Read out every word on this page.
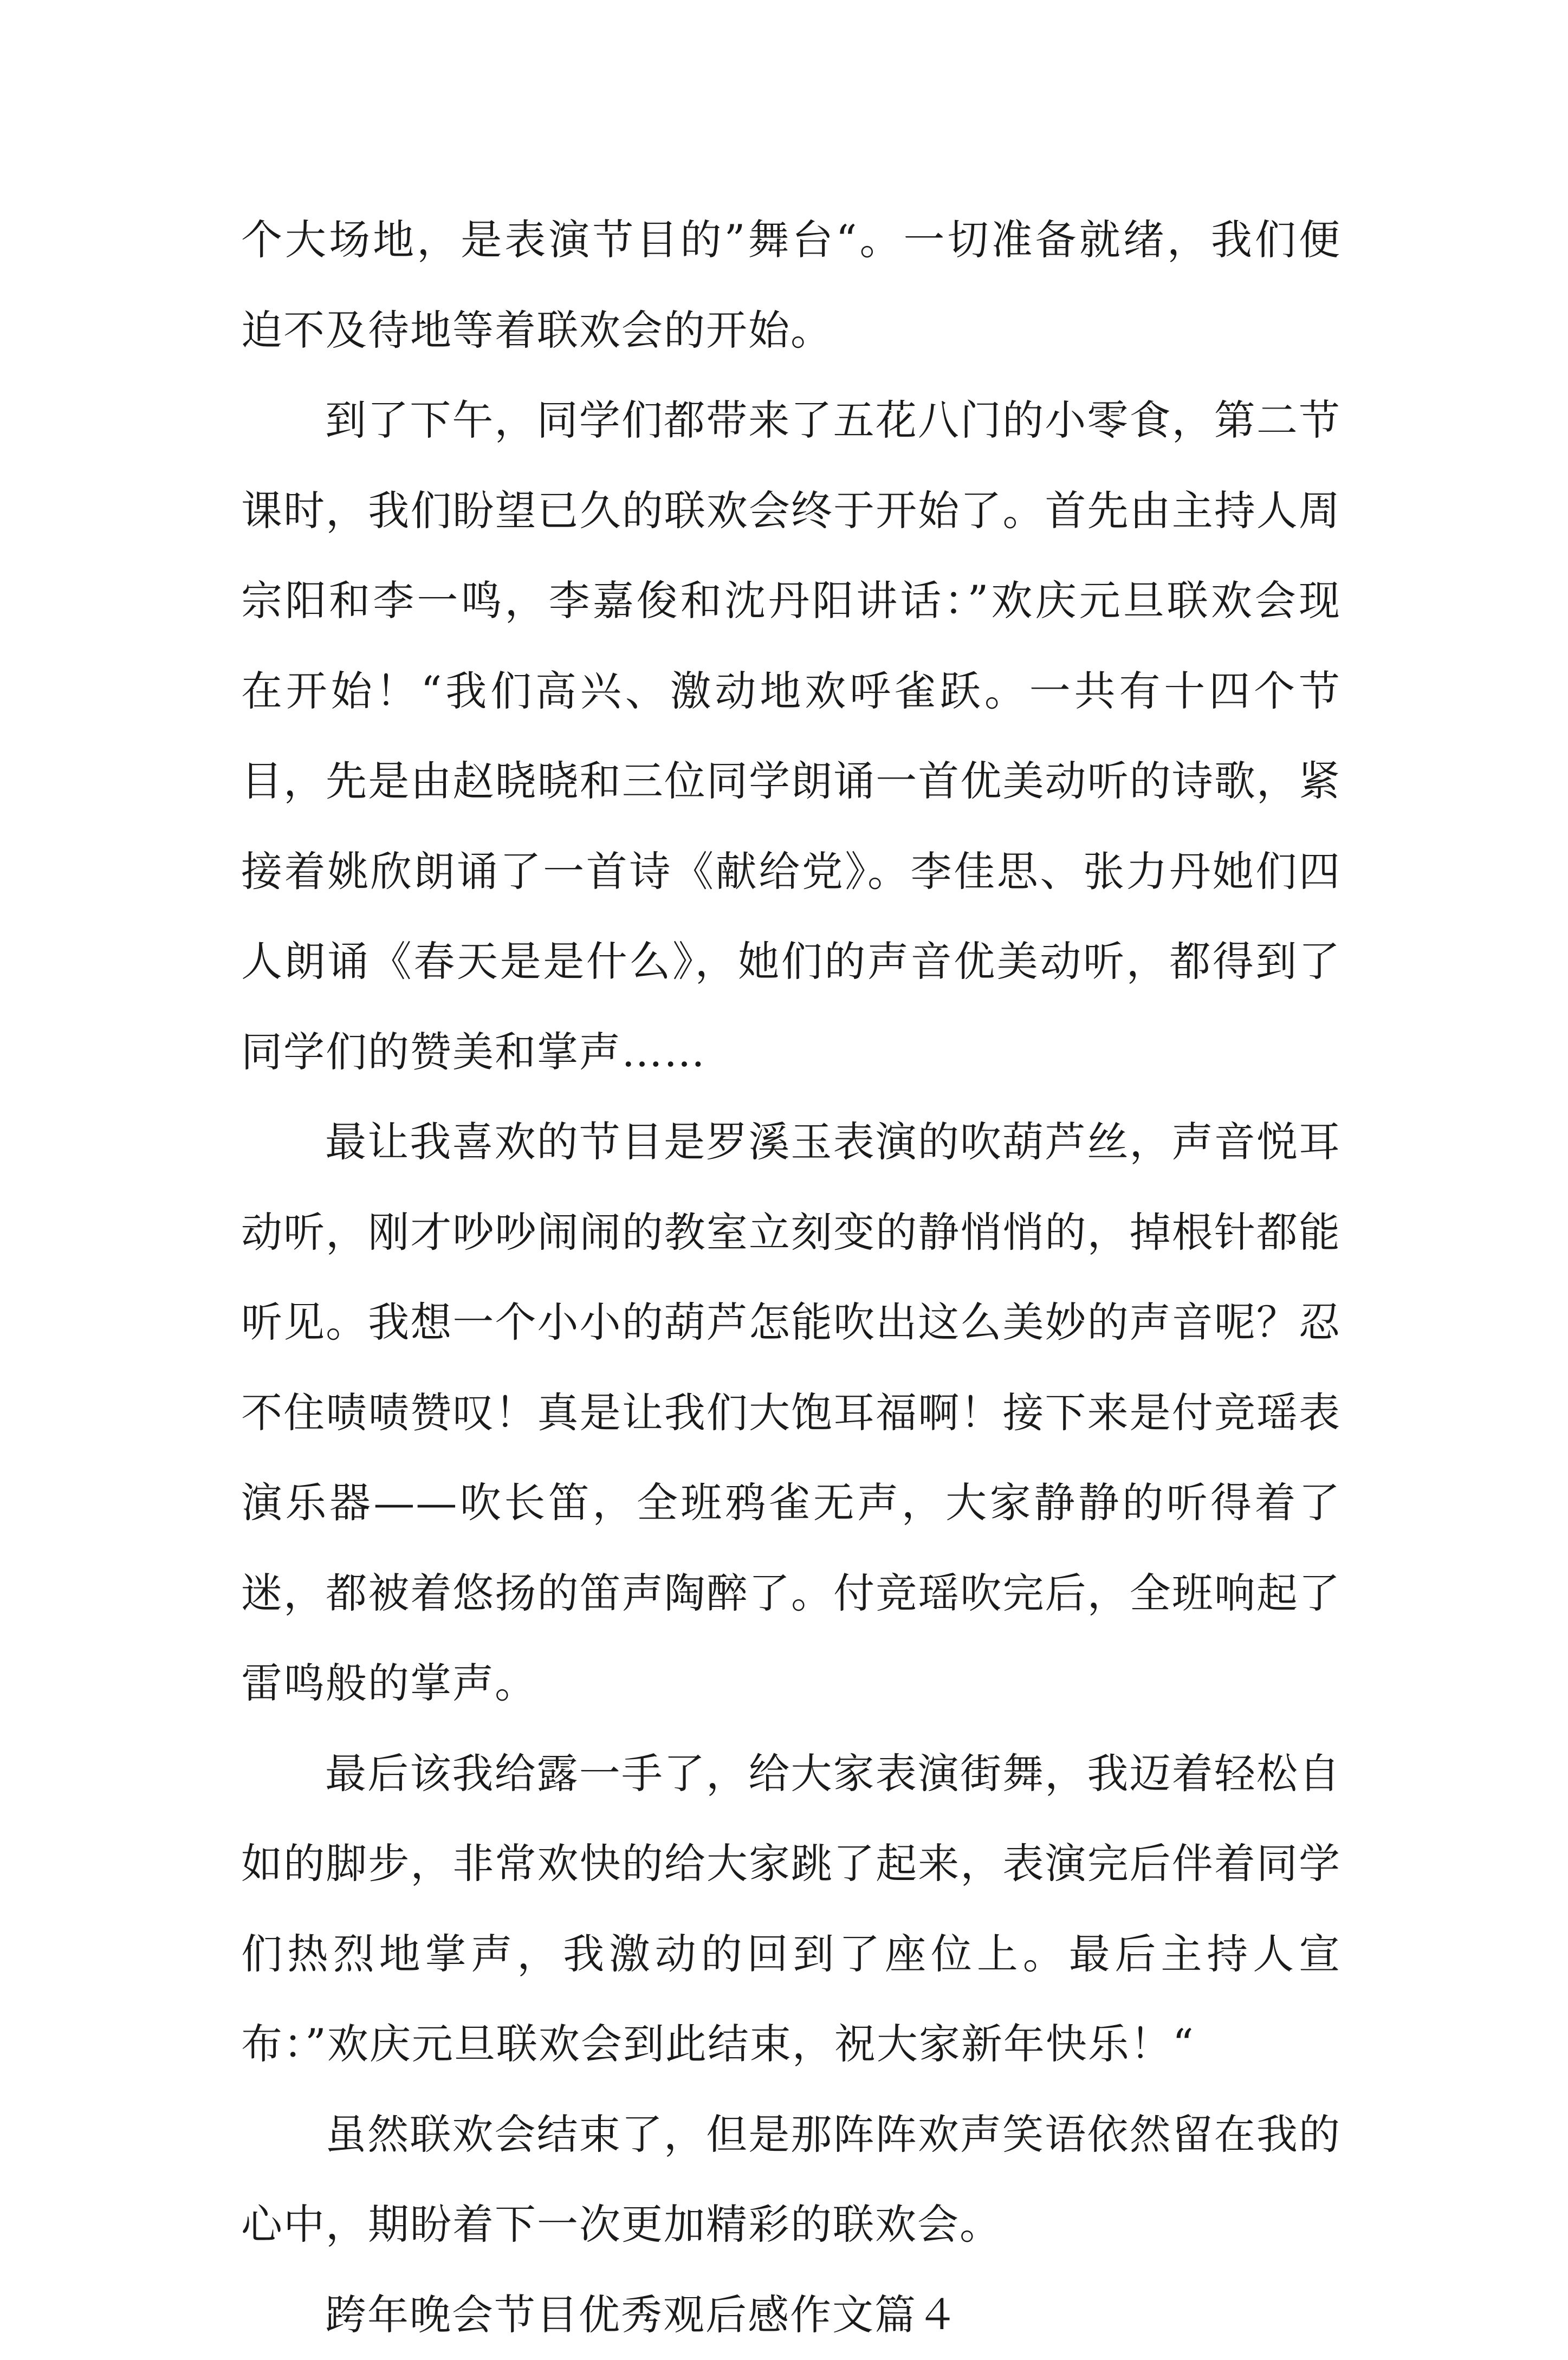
个大场地，是表演节目的”舞台“。一切准备就绪，我们便迫不及待地等着联欢会的开始。

到了下午，同学们都带来了五花八门的小零食，第二节课时，我们盼望已久的联欢会终于开始了。首先由主持人周宗阳和李一鸣，李嘉俊和沈丹阳讲话：”欢庆元旦联欢会现在开始！“我们高兴、激动地欢呼雀跃。一共有十四个节目，先是由赵晓晓和三位同学朗诵一首优美动听的诗歌，紧接着姚欣朗诵了一首诗《献给党》。李佳思、张力丹她们四人朗诵《春天是是什么》，她们的声音优美动听，都得到了同学们的赞美和掌声……

最让我喜欢的节目是罗溪玉表演的吹葫芦丝，声音悦耳动听，刚才吵吵闹闹的教室立刻变的静悄悄的，掉根针都能听见。我想一个小小的葫芦怎能吹出这么美妙的声音呢？忍不住啧啧赞叹！真是让我们大饱耳福啊！接下来是付竞瑶表演乐器——吹长笛，全班鸦雀无声，大家静静的听得着了迷，都被着悠扬的笛声陶醉了。付竞瑶吹完后，全班响起了雷鸣般的掌声。

最后该我给露一手了，给大家表演街舞，我迈着轻松自如的脚步，非常欢快的给大家跳了起来，表演完后伴着同学们热烈地掌声，我激动的回到了座位上。最后主持人宣布：”欢庆元旦联欢会到此结束，祝大家新年快乐！“

虽然联欢会结束了，但是那阵阵欢声笑语依然留在我的心中，期盼着下一次更加精彩的联欢会。

跨年晚会节目优秀观后感作文篇４
